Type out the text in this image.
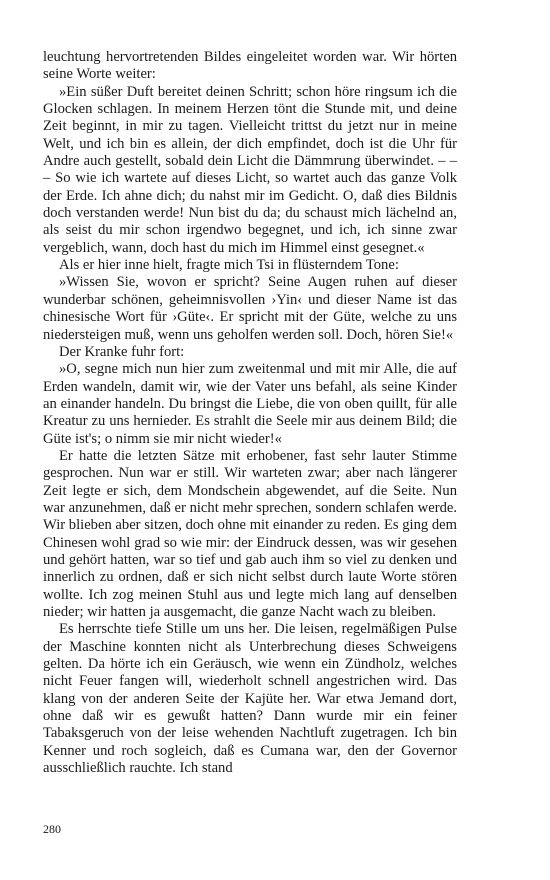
leuchtung hervortretenden Bildes eingeleitet worden war. Wir hörten seine Worte weiter:

»Ein süßer Duft bereitet deinen Schritt; schon höre ringsum ich die Glocken schlagen. In meinem Herzen tönt die Stunde mit, und deine Zeit beginnt, in mir zu tagen. Vielleicht trittst du jetzt nur in meine Welt, und ich bin es allein, der dich empfindet, doch ist die Uhr für Andre auch gestellt, sobald dein Licht die Dämmrung überwindet. – – – So wie ich wartete auf dieses Licht, so wartet auch das ganze Volk der Erde. Ich ahne dich; du nahst mir im Gedicht. O, daß dies Bildnis doch verstanden werde! Nun bist du da; du schaust mich lächelnd an, als seist du mir schon irgendwo begegnet, und ich, ich sinne zwar vergeblich, wann, doch hast du mich im Himmel einst gesegnet.«

Als er hier inne hielt, fragte mich Tsi in flüsterndem Tone:

»Wissen Sie, wovon er spricht? Seine Augen ruhen auf dieser wunderbar schönen, geheimnisvollen ›Yin‹ und dieser Name ist das chinesische Wort für ›Güte‹. Er spricht mit der Güte, welche zu uns niedersteigen muß, wenn uns geholfen werden soll. Doch, hören Sie!«

Der Kranke fuhr fort:

»O, segne mich nun hier zum zweitenmal und mit mir Alle, die auf Erden wandeln, damit wir, wie der Vater uns befahl, als seine Kinder an einander handeln. Du bringst die Liebe, die von oben quillt, für alle Kreatur zu uns hernieder. Es strahlt die Seele mir aus deinem Bild; die Güte ist's; o nimm sie mir nicht wieder!«

Er hatte die letzten Sätze mit erhobener, fast sehr lauter Stimme gesprochen. Nun war er still. Wir warteten zwar; aber nach längerer Zeit legte er sich, dem Mondschein abgewendet, auf die Seite. Nun war anzunehmen, daß er nicht mehr sprechen, sondern schlafen werde. Wir blieben aber sitzen, doch ohne mit einander zu reden. Es ging dem Chinesen wohl grad so wie mir: der Eindruck dessen, was wir gesehen und gehört hatten, war so tief und gab auch ihm so viel zu denken und innerlich zu ordnen, daß er sich nicht selbst durch laute Worte stören wollte. Ich zog meinen Stuhl aus und legte mich lang auf denselben nieder; wir hatten ja ausgemacht, die ganze Nacht wach zu bleiben.

Es herrschte tiefe Stille um uns her. Die leisen, regelmäßigen Pulse der Maschine konnten nicht als Unterbrechung dieses Schweigens gelten. Da hörte ich ein Geräusch, wie wenn ein Zündholz, welches nicht Feuer fangen will, wiederholt schnell angestrichen wird. Das klang von der anderen Seite der Kajüte her. War etwa Jemand dort, ohne daß wir es gewußt hatten? Dann wurde mir ein feiner Tabaksgeruch von der leise wehenden Nachtluft zugetragen. Ich bin Kenner und roch sogleich, daß es Cumana war, den der Governor ausschließlich rauchte. Ich stand

280
